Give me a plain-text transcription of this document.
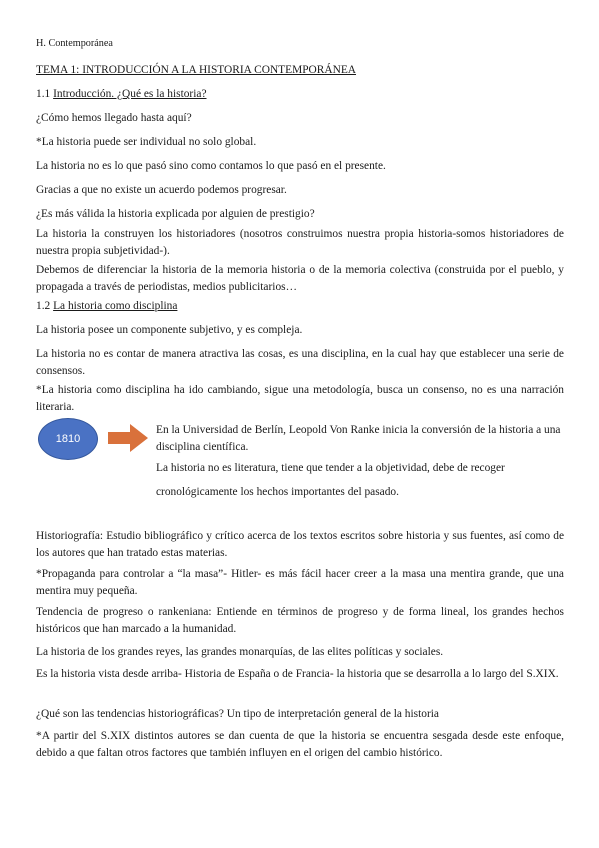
H. Contemporánea

TEMA 1: INTRODUCCIÓN A LA HISTORIA CONTEMPORÁNEA

1.1 Introducción. ¿Qué es la historia?

¿Cómo hemos llegado hasta aquí?

*La historia puede ser individual no solo global.

La historia no es lo que pasó sino como contamos lo que pasó en el presente.

Gracias a que no existe un acuerdo podemos progresar.

¿Es más válida la historia explicada por alguien de prestigio?

La historia la construyen los historiadores (nosotros construimos nuestra propia historia-somos historiadores de nuestra propia subjetividad-).

Debemos de diferenciar la historia de la memoria historia o de la memoria colectiva (construida por el pueblo, y propagada a través de periodistas, medios publicitarios…

1.2 La historia como disciplina

La historia posee un componente subjetivo, y es compleja.

La historia no es contar de manera atractiva las cosas, es una disciplina, en la cual hay que establecer una serie de consensos.

*La historia como disciplina ha ido cambiando, sigue una metodología, busca un consenso, no es una narración literaria.

1810

En la Universidad de Berlín, Leopold Von Ranke inicia la conversión de la historia a una disciplina científica.

La historia no es literatura, tiene que tender a la objetividad, debe de recoger

cronológicamente los hechos importantes del pasado.

Historiografía: Estudio bibliográfico y crítico acerca de los textos escritos sobre historia y sus fuentes, así como de los autores que han tratado estas materias.

*Propaganda para controlar a “la masa”- Hitler- es más fácil hacer creer a la masa una mentira grande, que una mentira muy pequeña.

Tendencia de progreso o rankeniana: Entiende en términos de progreso y de forma lineal, los grandes hechos históricos que han marcado a la humanidad.

La historia de los grandes reyes, las grandes monarquías, de las elites políticas y sociales.

Es la historia vista desde arriba- Historia de España o de Francia- la historia que se desarrolla a lo largo del S.XIX.

¿Qué son las tendencias historiográficas? Un tipo de interpretación general de la historia

*A partir del S.XIX distintos autores se dan cuenta de que la historia se encuentra sesgada desde este enfoque, debido a que faltan otros factores que también influyen en el origen del cambio histórico.
